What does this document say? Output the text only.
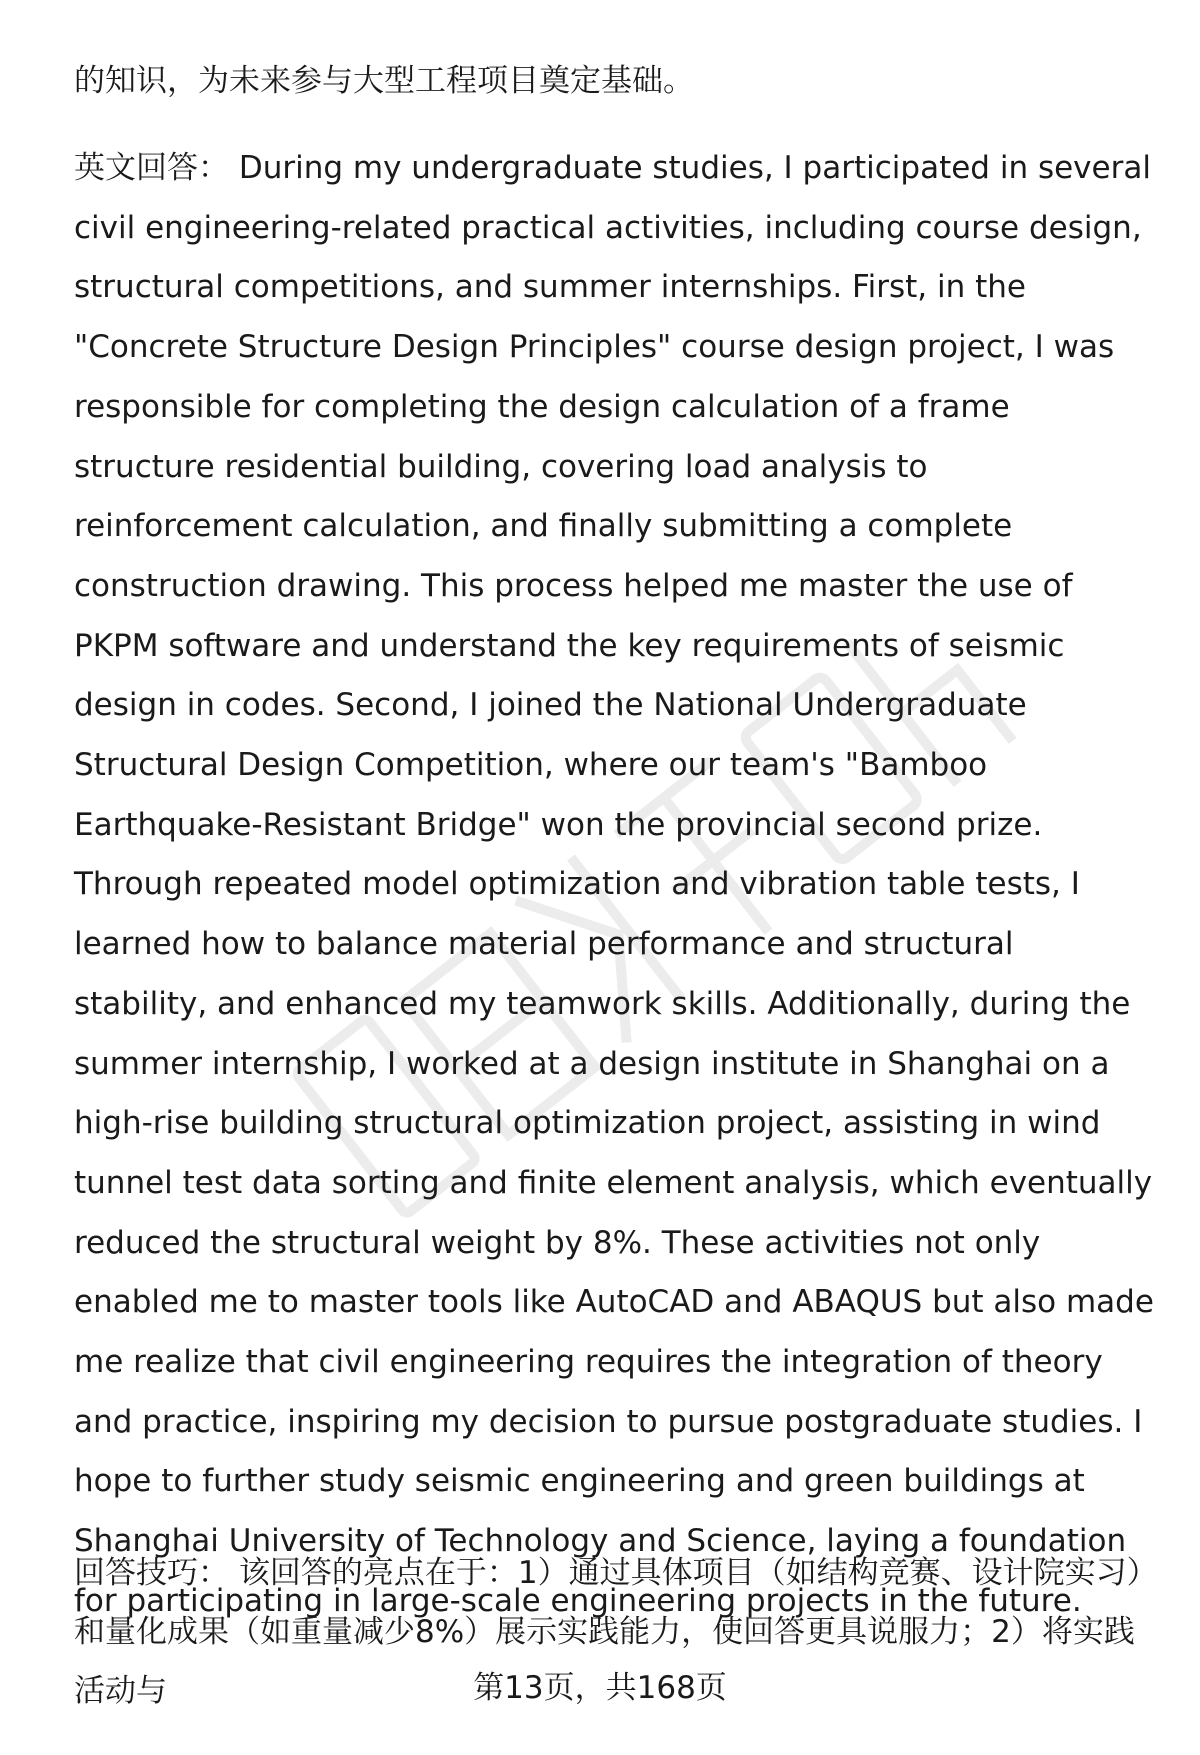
的知识，为未来参与大型工程项目奠定基础。

英文回答： During my undergraduate studies, I participated in several civil engineering-related practical activities, including course design, structural competitions, and summer internships. First, in the "Concrete Structure Design Principles" course design project, I was responsible for completing the design calculation of a frame structure residential building, covering load analysis to reinforcement calculation, and finally submitting a complete construction drawing. This process helped me master the use of PKPM software and understand the key requirements of seismic design in codes. Second, I joined the National Undergraduate Structural Design Competition, where our team's "Bamboo Earthquake-Resistant Bridge" won the provincial second prize. Through repeated model optimization and vibration table tests, I learned how to balance material performance and structural stability, and enhanced my teamwork skills. Additionally, during the summer internship, I worked at a design institute in Shanghai on a high-rise building structural optimization project, assisting in wind tunnel test data sorting and finite element analysis, which eventually reduced the structural weight by 8%. These activities not only enabled me to master tools like AutoCAD and ABAQUS but also made me realize that civil engineering requires the integration of theory and practice, inspiring my decision to pursue postgraduate studies. I hope to further study seismic engineering and green buildings at Shanghai University of Technology and Science, laying a foundation for participating in large-scale engineering projects in the future.

回答技巧： 该回答的亮点在于：1）通过具体项目（如结构竞赛、设计院实习）和量化成果（如重量减少8%）展示实践能力，使回答更具说服力；2）将实践活动与	第13页，共168页
